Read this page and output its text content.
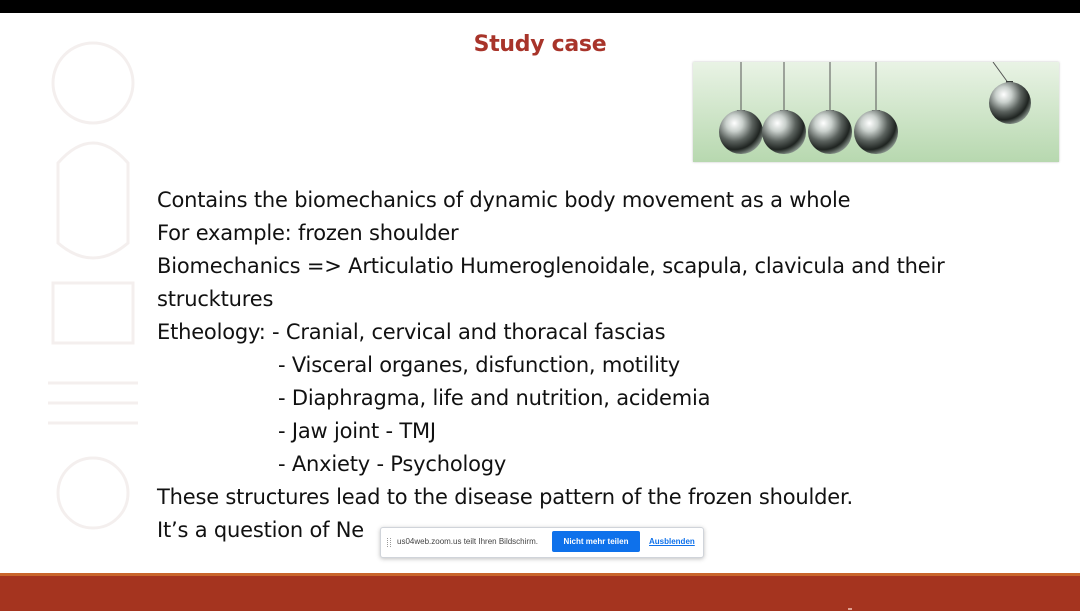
Study case
Contains the biomechanics of dynamic body movement as a whole
For example: frozen shoulder
Biomechanics => Articulatio Humeroglenoidale, scapula, clavicula and their
strucktures
Etheology: - Cranial, cervical and thoracal fascias
- Visceral organes, disfunction, motility
- Diaphragma, life and nutrition, acidemia
- Jaw joint - TMJ
- Anxiety - Psychology
These structures lead to the disease pattern of the frozen shoulder.
It’s a question of Ne	us04web.zoom.us teilt Ihren Bildschirm.	Nicht mehr teilen	Ausblenden
